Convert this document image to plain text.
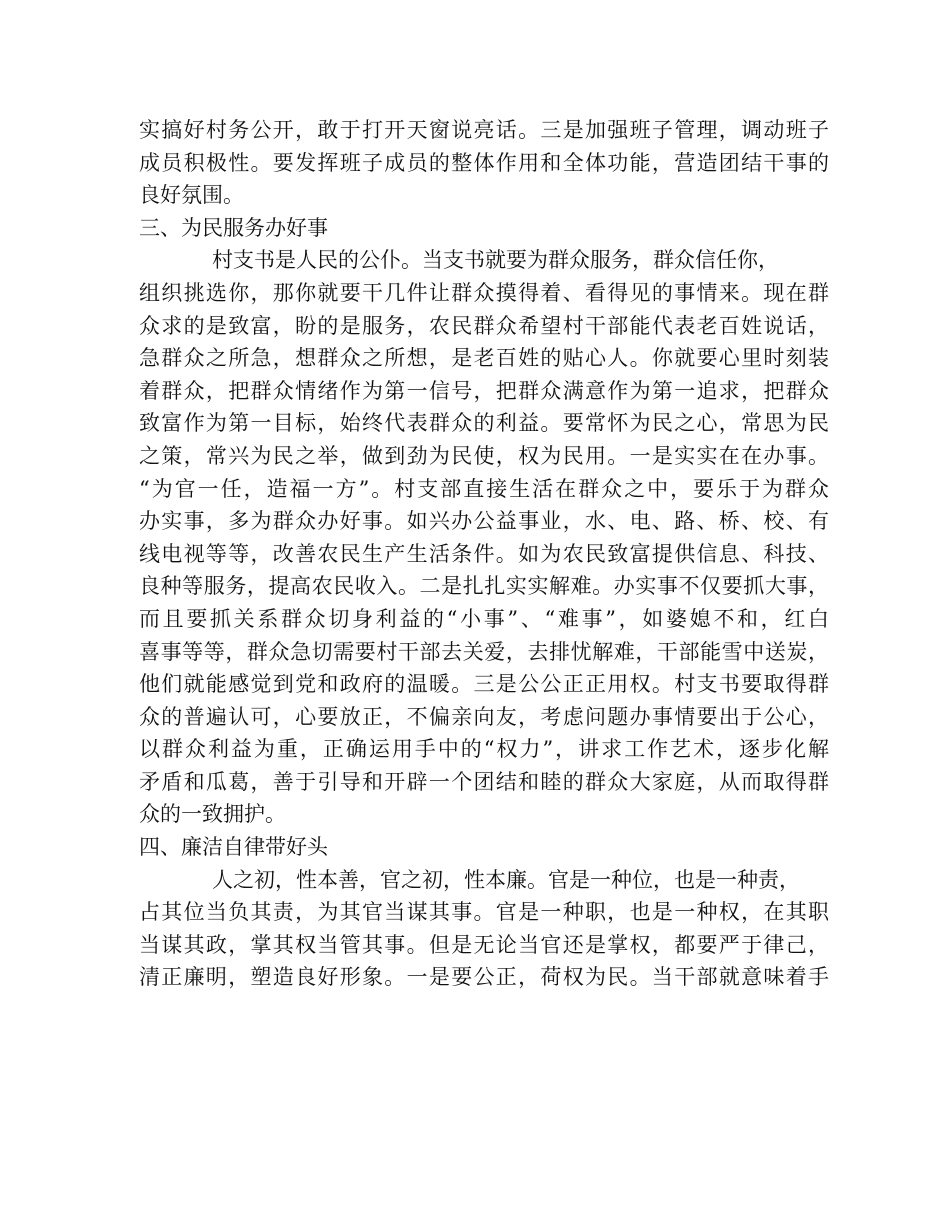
实搞好村务公开，敢于打开天窗说亮话。三是加强班子管理，调动班子
成员积极性。要发挥班子成员的整体作用和全体功能，营造团结干事的
良好氛围。
三、为民服务办好事
村支书是人民的公仆。当支书就要为群众服务，群众信任你，
组织挑选你，那你就要干几件让群众摸得着、看得见的事情来。现在群
众求的是致富，盼的是服务，农民群众希望村干部能代表老百姓说话，
急群众之所急，想群众之所想，是老百姓的贴心人。你就要心里时刻装
着群众，把群众情绪作为第一信号，把群众满意作为第一追求，把群众
致富作为第一目标，始终代表群众的利益。要常怀为民之心，常思为民
之策，常兴为民之举，做到劲为民使，权为民用。一是实实在在办事。
“为官一任，造福一方”。村支部直接生活在群众之中，要乐于为群众
办实事，多为群众办好事。如兴办公益事业，水、电、路、桥、校、有
线电视等等，改善农民生产生活条件。如为农民致富提供信息、科技、
良种等服务，提高农民收入。二是扎扎实实解难。办实事不仅要抓大事，
而且要抓关系群众切身利益的“小事”、“难事”，如婆媳不和，红白
喜事等等，群众急切需要村干部去关爱，去排忧解难，干部能雪中送炭，
他们就能感觉到党和政府的温暖。三是公公正正用权。村支书要取得群
众的普遍认可，心要放正，不偏亲向友，考虑问题办事情要出于公心，
以群众利益为重，正确运用手中的“权力”，讲求工作艺术，逐步化解
矛盾和瓜葛，善于引导和开辟一个团结和睦的群众大家庭，从而取得群
众的一致拥护。
四、廉洁自律带好头
人之初，性本善，官之初，性本廉。官是一种位，也是一种责，
占其位当负其责，为其官当谋其事。官是一种职，也是一种权，在其职
当谋其政，掌其权当管其事。但是无论当官还是掌权，都要严于律己，
清正廉明，塑造良好形象。一是要公正，荷权为民。当干部就意味着手
